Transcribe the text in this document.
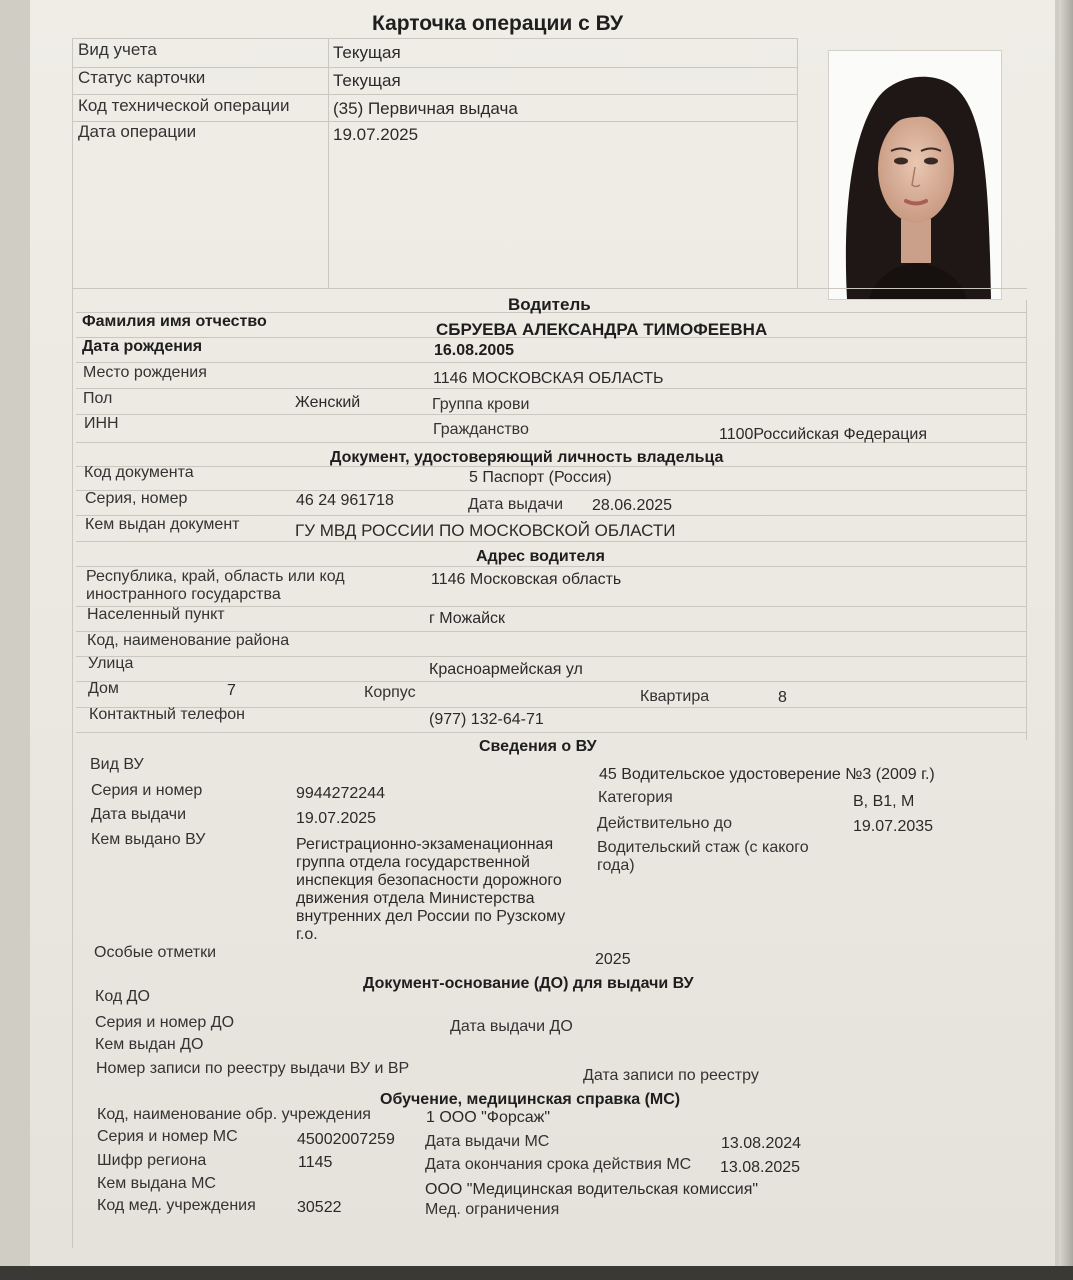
Карточка операции с ВУ
Вид учета	Текущая
Статус карточки	Текущая
Код технической операции	(35) Первичная выдача
Дата операции	19.07.2025
Водитель
Фамилия имя отчество	СБРУЕВА АЛЕКСАНДРА ТИМОФЕЕВНА
Дата рождения	16.08.2005
Место рождения	1146 МОСКОВСКАЯ ОБЛАСТЬ
Пол	Женский	Группа крови
ИНН	Гражданство	1100Российская Федерация
Документ, удостоверяющий личность владельца
Код документа	5 Паспорт (Россия)
Серия, номер	46 24 961718	Дата выдачи 28.06.2025
Кем выдан документ	ГУ МВД РОССИИ ПО МОСКОВСКОЙ ОБЛАСТИ
Адрес водителя
Республика, край, область или код иностранного государства
1146 Московская область
Населенный пункт	г Можайск
Код, наименование района
Улица	Красноармейская ул
Дом	7	Корпус	Квартира	8
Контактный телефон	(977) 132-64-71
Сведения о ВУ
Вид ВУ
45 Водительское удостоверение №3 (2009 г.)
Серия и номер	9944272244	Категория	B, B1, M
Дата выдачи	19.07.2025	Действительно до	19.07.2035
Кем выдано ВУ	Регистрационно-экзаменационная группа отдела государственной инспекция безопасности дорожного движения отдела Министерства внутренних дел России по Рузскому г.о.
Водительский стаж (с какого года)
2025
Особые отметки
Документ-основание (ДО) для выдачи ВУ
Код ДО
Серия и номер ДО	Дата выдачи ДО
Кем выдан ДО
Номер записи по реестру выдачи ВУ и ВР	Дата записи по реестру
Обучение, медицинская справка (МС)
Код, наименование обр. учреждения	1 ООО "Форсаж"
Серия и номер МС	45002007259 Дата выдачи МС	13.08.2024
Шифр региона	1145	Дата окончания срока действия МС 13.08.2025
Кем выдана МС	ООО "Медицинская водительская комиссия"
Код мед. учреждения	30522	Мед. ограничения
